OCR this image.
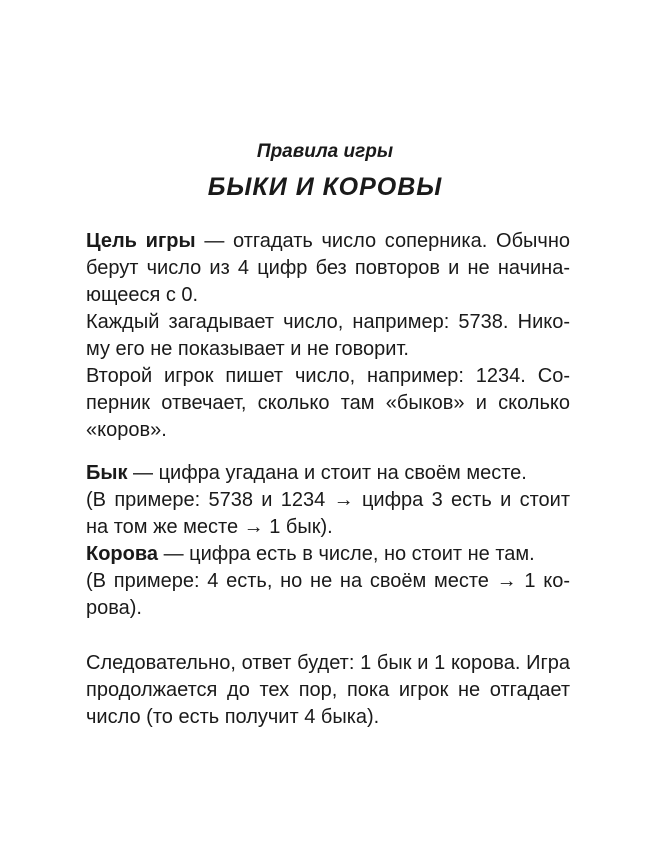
Правила игры
БЫКИ И КОРОВЫ
Цель игры — отгадать число соперника. Обычно
берут число из 4 цифр без повторов и не начина-
ющееся с 0.
Каждый загадывает число, например: 5738. Нико-
му его не показывает и не говорит.
Второй игрок пишет число, например: 1234. Со-
перник отвечает, сколько там «быков» и сколько
«коров».
Бык — цифра угадана и стоит на своём месте.
(В примере: 5738 и 1234 → цифра 3 есть и стоит
на том же месте → 1 бык).
Корова — цифра есть в числе, но стоит не там.
(В примере: 4 есть, но не на своём месте → 1 ко-
рова).
Следовательно, ответ будет: 1 бык и 1 корова. Игра
продолжается до тех пор, пока игрок не отгадает
число (то есть получит 4 быка).
